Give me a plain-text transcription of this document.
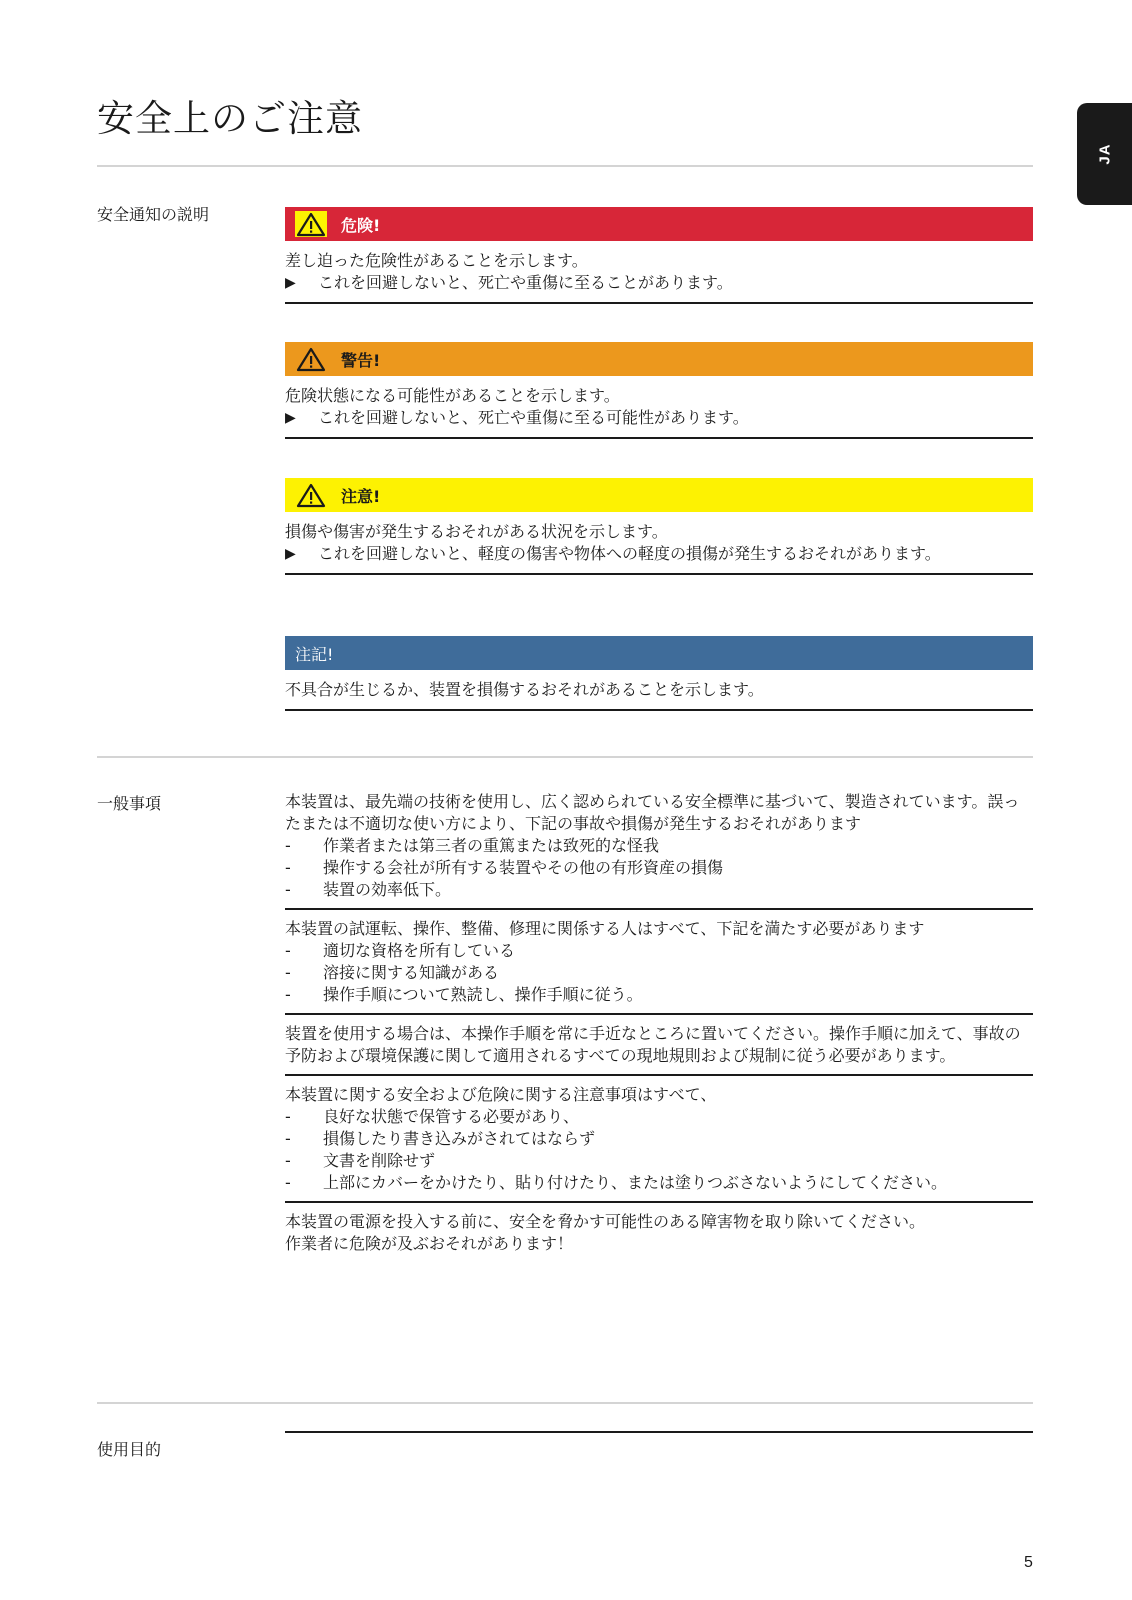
安全上のご注意
JA
安全通知の説明
危険!
差し迫った危険性があることを示します。
▶	これを回避しないと、死亡や重傷に至ることがあります。
警告!
危険状態になる可能性があることを示します。
▶	これを回避しないと、死亡や重傷に至る可能性があります。
注意!
損傷や傷害が発生するおそれがある状況を示します。
▶	これを回避しないと、軽度の傷害や物体への軽度の損傷が発生するおそれがあります。
注記!
不具合が生じるか、装置を損傷するおそれがあることを示します。
一般事項	本装置は、最先端の技術を使用し、広く認められている安全標準に基づいて、製造されています。誤ったまたは不適切な使い方により、下記の事故や損傷が発生するおそれがあります
-	作業者または第三者の重篤または致死的な怪我
-	操作する会社が所有する装置やその他の有形資産の損傷
-	装置の効率低下。
本装置の試運転、操作、整備、修理に関係する人はすべて、下記を満たす必要があります
-	適切な資格を所有している
-	溶接に関する知識がある
-	操作手順について熟読し、操作手順に従う。
装置を使用する場合は、本操作手順を常に手近なところに置いてください。操作手順に加えて、事故の予防および環境保護に関して適用されるすべての現地規則および規制に従う必要があります。
本装置に関する安全および危険に関する注意事項はすべて、
-	良好な状態で保管する必要があり、
-	損傷したり書き込みがされてはならず
-	文書を削除せず
-	上部にカバーをかけたり、貼り付けたり、または塗りつぶさないようにしてください。
本装置の電源を投入する前に、安全を脅かす可能性のある障害物を取り除いてください。
作業者に危険が及ぶおそれがあります！
使用目的
5
